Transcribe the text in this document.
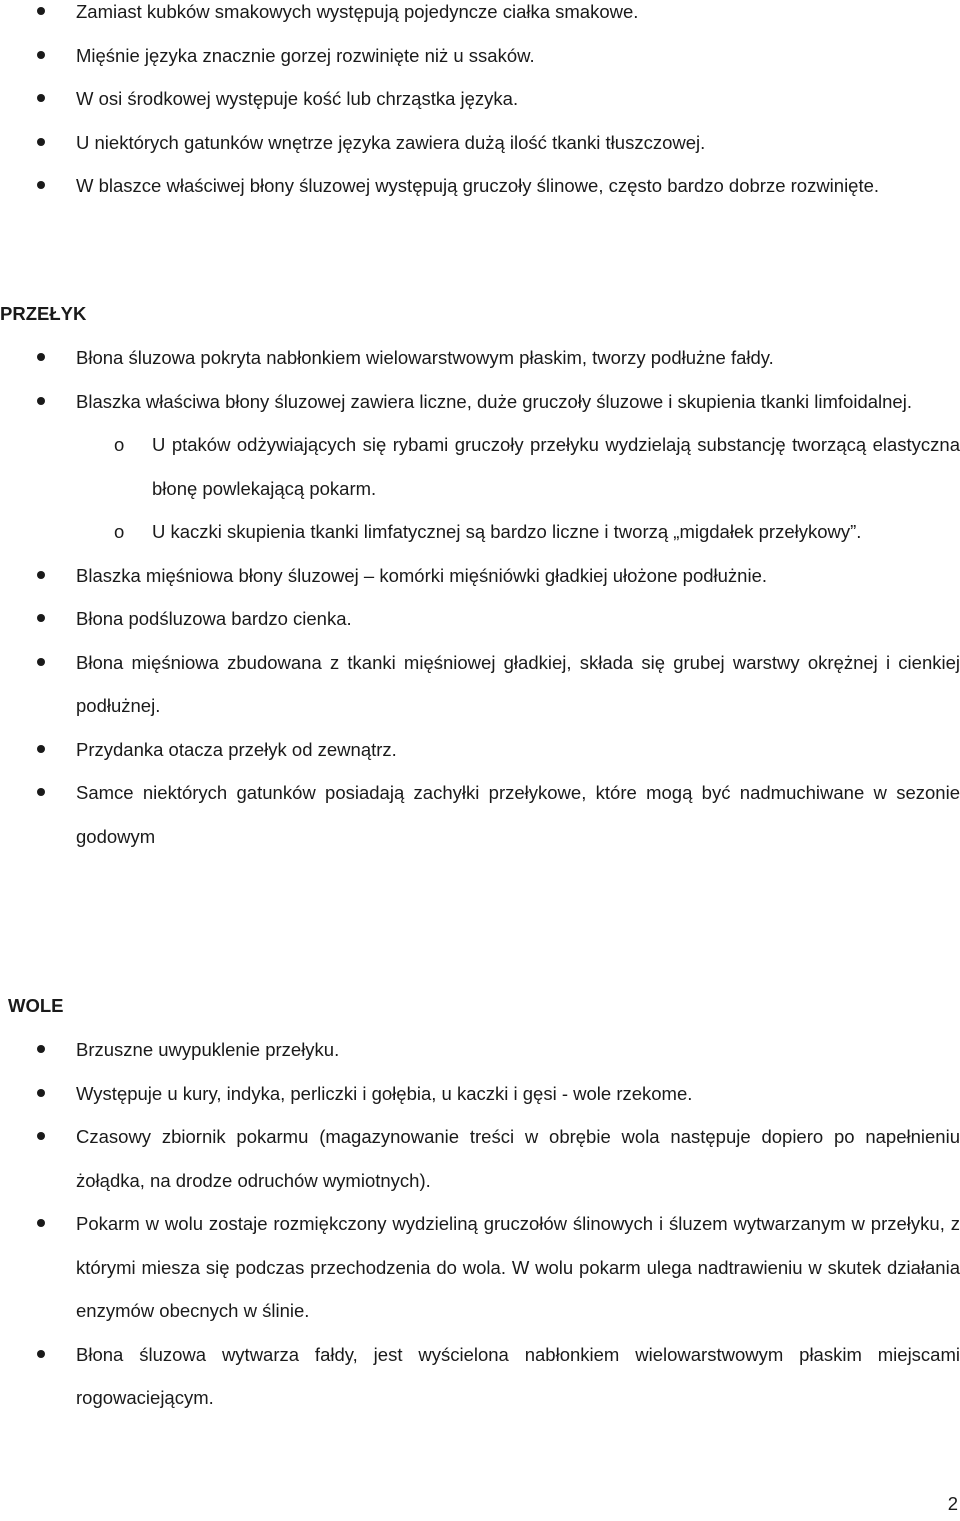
Zamiast kubków smakowych występują pojedyncze ciałka smakowe.
Mięśnie języka znacznie gorzej rozwinięte niż u ssaków.
W osi środkowej występuje kość lub chrząstka języka.
U niektórych gatunków wnętrze języka zawiera dużą ilość tkanki tłuszczowej.
W blaszce właściwej błony śluzowej występują gruczoły ślinowe, często bardzo dobrze rozwinięte.
PRZEŁYK
Błona śluzowa pokryta nabłonkiem wielowarstwowym płaskim, tworzy podłużne fałdy.
Blaszka właściwa błony śluzowej zawiera liczne, duże gruczoły śluzowe i skupienia tkanki limfoidalnej.
o U ptaków odżywiających się rybami gruczoły przełyku wydzielają substancję tworzącą elastyczna błonę powlekającą pokarm.
o U kaczki skupienia tkanki limfatycznej są bardzo liczne i tworzą „migdałek przełykowy”.
Blaszka mięśniowa błony śluzowej – komórki mięśniówki gładkiej ułożone podłużnie.
Błona podśluzowa bardzo cienka.
Błona mięśniowa zbudowana z tkanki mięśniowej gładkiej, składa się grubej warstwy okrężnej i cienkiej podłużnej.
Przydanka otacza przełyk od zewnątrz.
Samce niektórych gatunków posiadają zachyłki przełykowe, które mogą być nadmuchiwane w sezonie godowym
WOLE
Brzuszne uwypuklenie przełyku.
Występuje u kury, indyka, perliczki i gołębia, u kaczki i gęsi - wole rzekome.
Czasowy zbiornik pokarmu (magazynowanie treści w obrębie wola następuje dopiero po napełnieniu żołądka, na drodze odruchów wymiotnych).
Pokarm w wolu zostaje rozmiękczony wydzieliną gruczołów ślinowych i śluzem wytwarzanym w przełyku, z którymi miesza się podczas przechodzenia do wola. W wolu pokarm ulega nadtrawieniu w skutek działania enzymów obecnych w ślinie.
Błona śluzowa wytwarza fałdy, jest wyścielona nabłonkiem wielowarstwowym płaskim miejscami rogowaciejącym.
2
